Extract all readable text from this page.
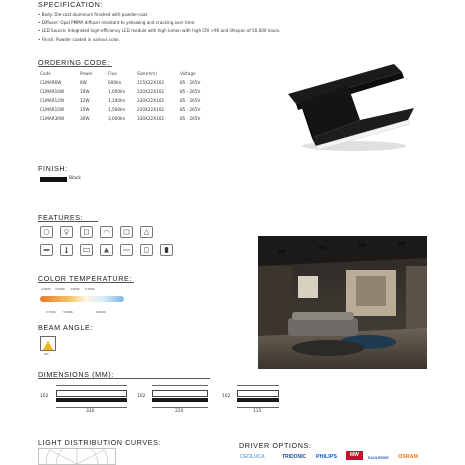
SPECIFICATION:
• Body: Die-cast aluminum finished with powder-coat.
• Diffuser: Opal PMMA diffuser resistant to yellowing and cracking over time.
• LED Source: Integrated high-efficiency LED module with high lumen with high CRI >90 and lifespan of 50,000 hours.
• Finish: Powder coated in various color.
ORDERING CODE:
Code	Power	Flux	Size(mm)	Voltage
CLMAR6W	6W	600lm	115X22X102	85 - 265V
CLMAR10W	10W	1,000lm	220X22X102	85 - 265V
CLMAR12W	12W	1,200lm	330X22X102	85 - 265V
CLMAR15W	15W	1,500lm	220X22X102	85 - 265V
CLMAR30W	30W	3,000lm	330X22X102	85 - 265V
FINISH:
Black
FEATURES:
COLOR TEMPERATURE:
2,000K 3,000K 4,000K 5,000K
2,700K	3,500K	6,500K
BEAM ANGLE:
60°
DIMENSIONS (MM):
102
330
102
220
102
115
LIGHT DISTRIBUTION CURVES:	DRIVER OPTIONS:
CEOLUCA	TRIDONIC PHILIPS	MW	EAGLERISE OSRAM
